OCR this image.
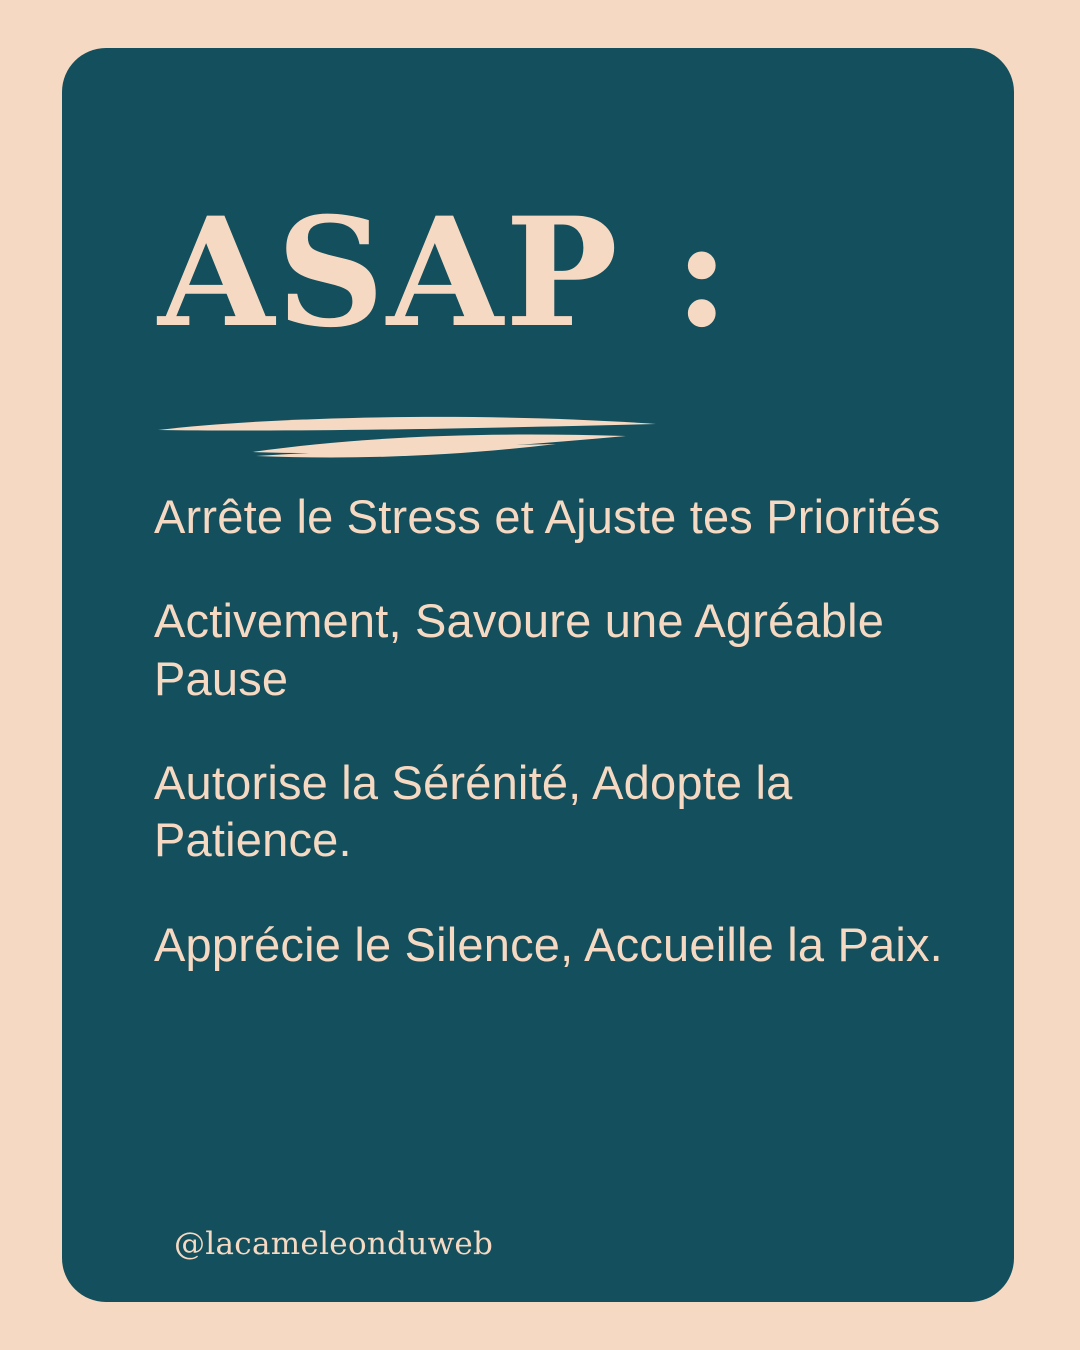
ASAP :

Arrête le Stress et Ajuste tes Priorités

Activement, Savoure une Agréable Pause

Autorise la Sérénité, Adopte la Patience.

Apprécie le Silence, Accueille la Paix.

@lacameleonduweb
